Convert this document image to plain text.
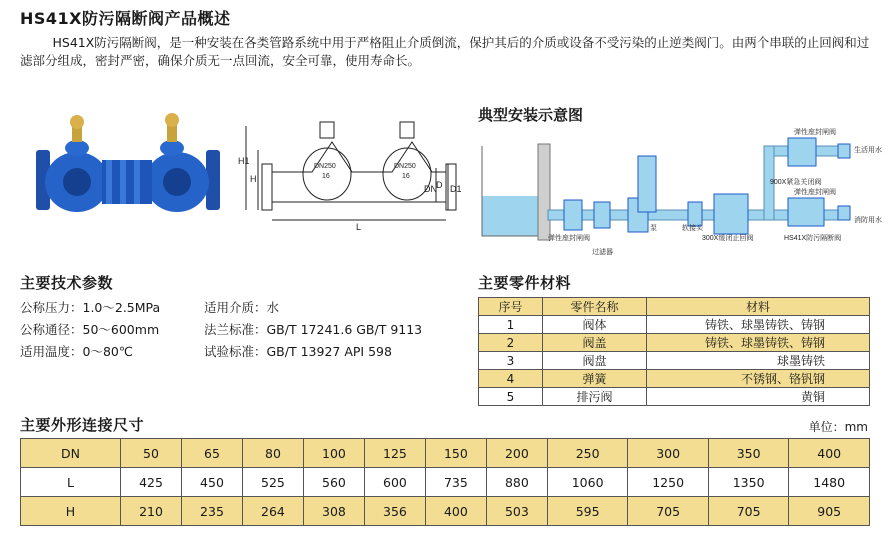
HS41X防污隔断阀产品概述
HS41X防污隔断阀，是一种安装在各类管路系统中用于严格阻止介质倒流，保护其后的介质或设备不受污染的止逆类阀门。由两个串联的止回阀和过滤部分组成，密封严密，确保介质无一点回流，安全可靠，使用寿命长。
H1
H
DN D D1
L
DN250
16
DN250
16
典型安装示意图
900X紧急关闭阀
生活用水
泵	软接头
300X缓闭止回阀
弹性座封闸阀
过滤器
弹性座封闸阀
弹性座封闸阀
消防用水
HS41X防污隔断阀
主要技术参数
公称压力：1.0～2.5MPa	适用介质：水
公称通径：50～600mm	法兰标准：GB/T 17241.6 GB/T 9113
适用温度：0～80℃	试验标准：GB/T 13927 API 598
主要零件材料
序号	零件名称	材料
1	阀体	铸铁、球墨铸铁、铸钢
2	阀盖	铸铁、球墨铸铁、铸钢
3	阀盘	球墨铸铁
4	弹簧	不锈钢、铬钒钢
5	排污阀	黄铜
主要外形连接尺寸	单位：mm
DN	50	65	80	100	125	150	200	250	300	350	400
L	425	450	525	560	600	735	880	1060	1250	1350	1480
H	210	235	264	308	356	400	503	595	705	705	905
